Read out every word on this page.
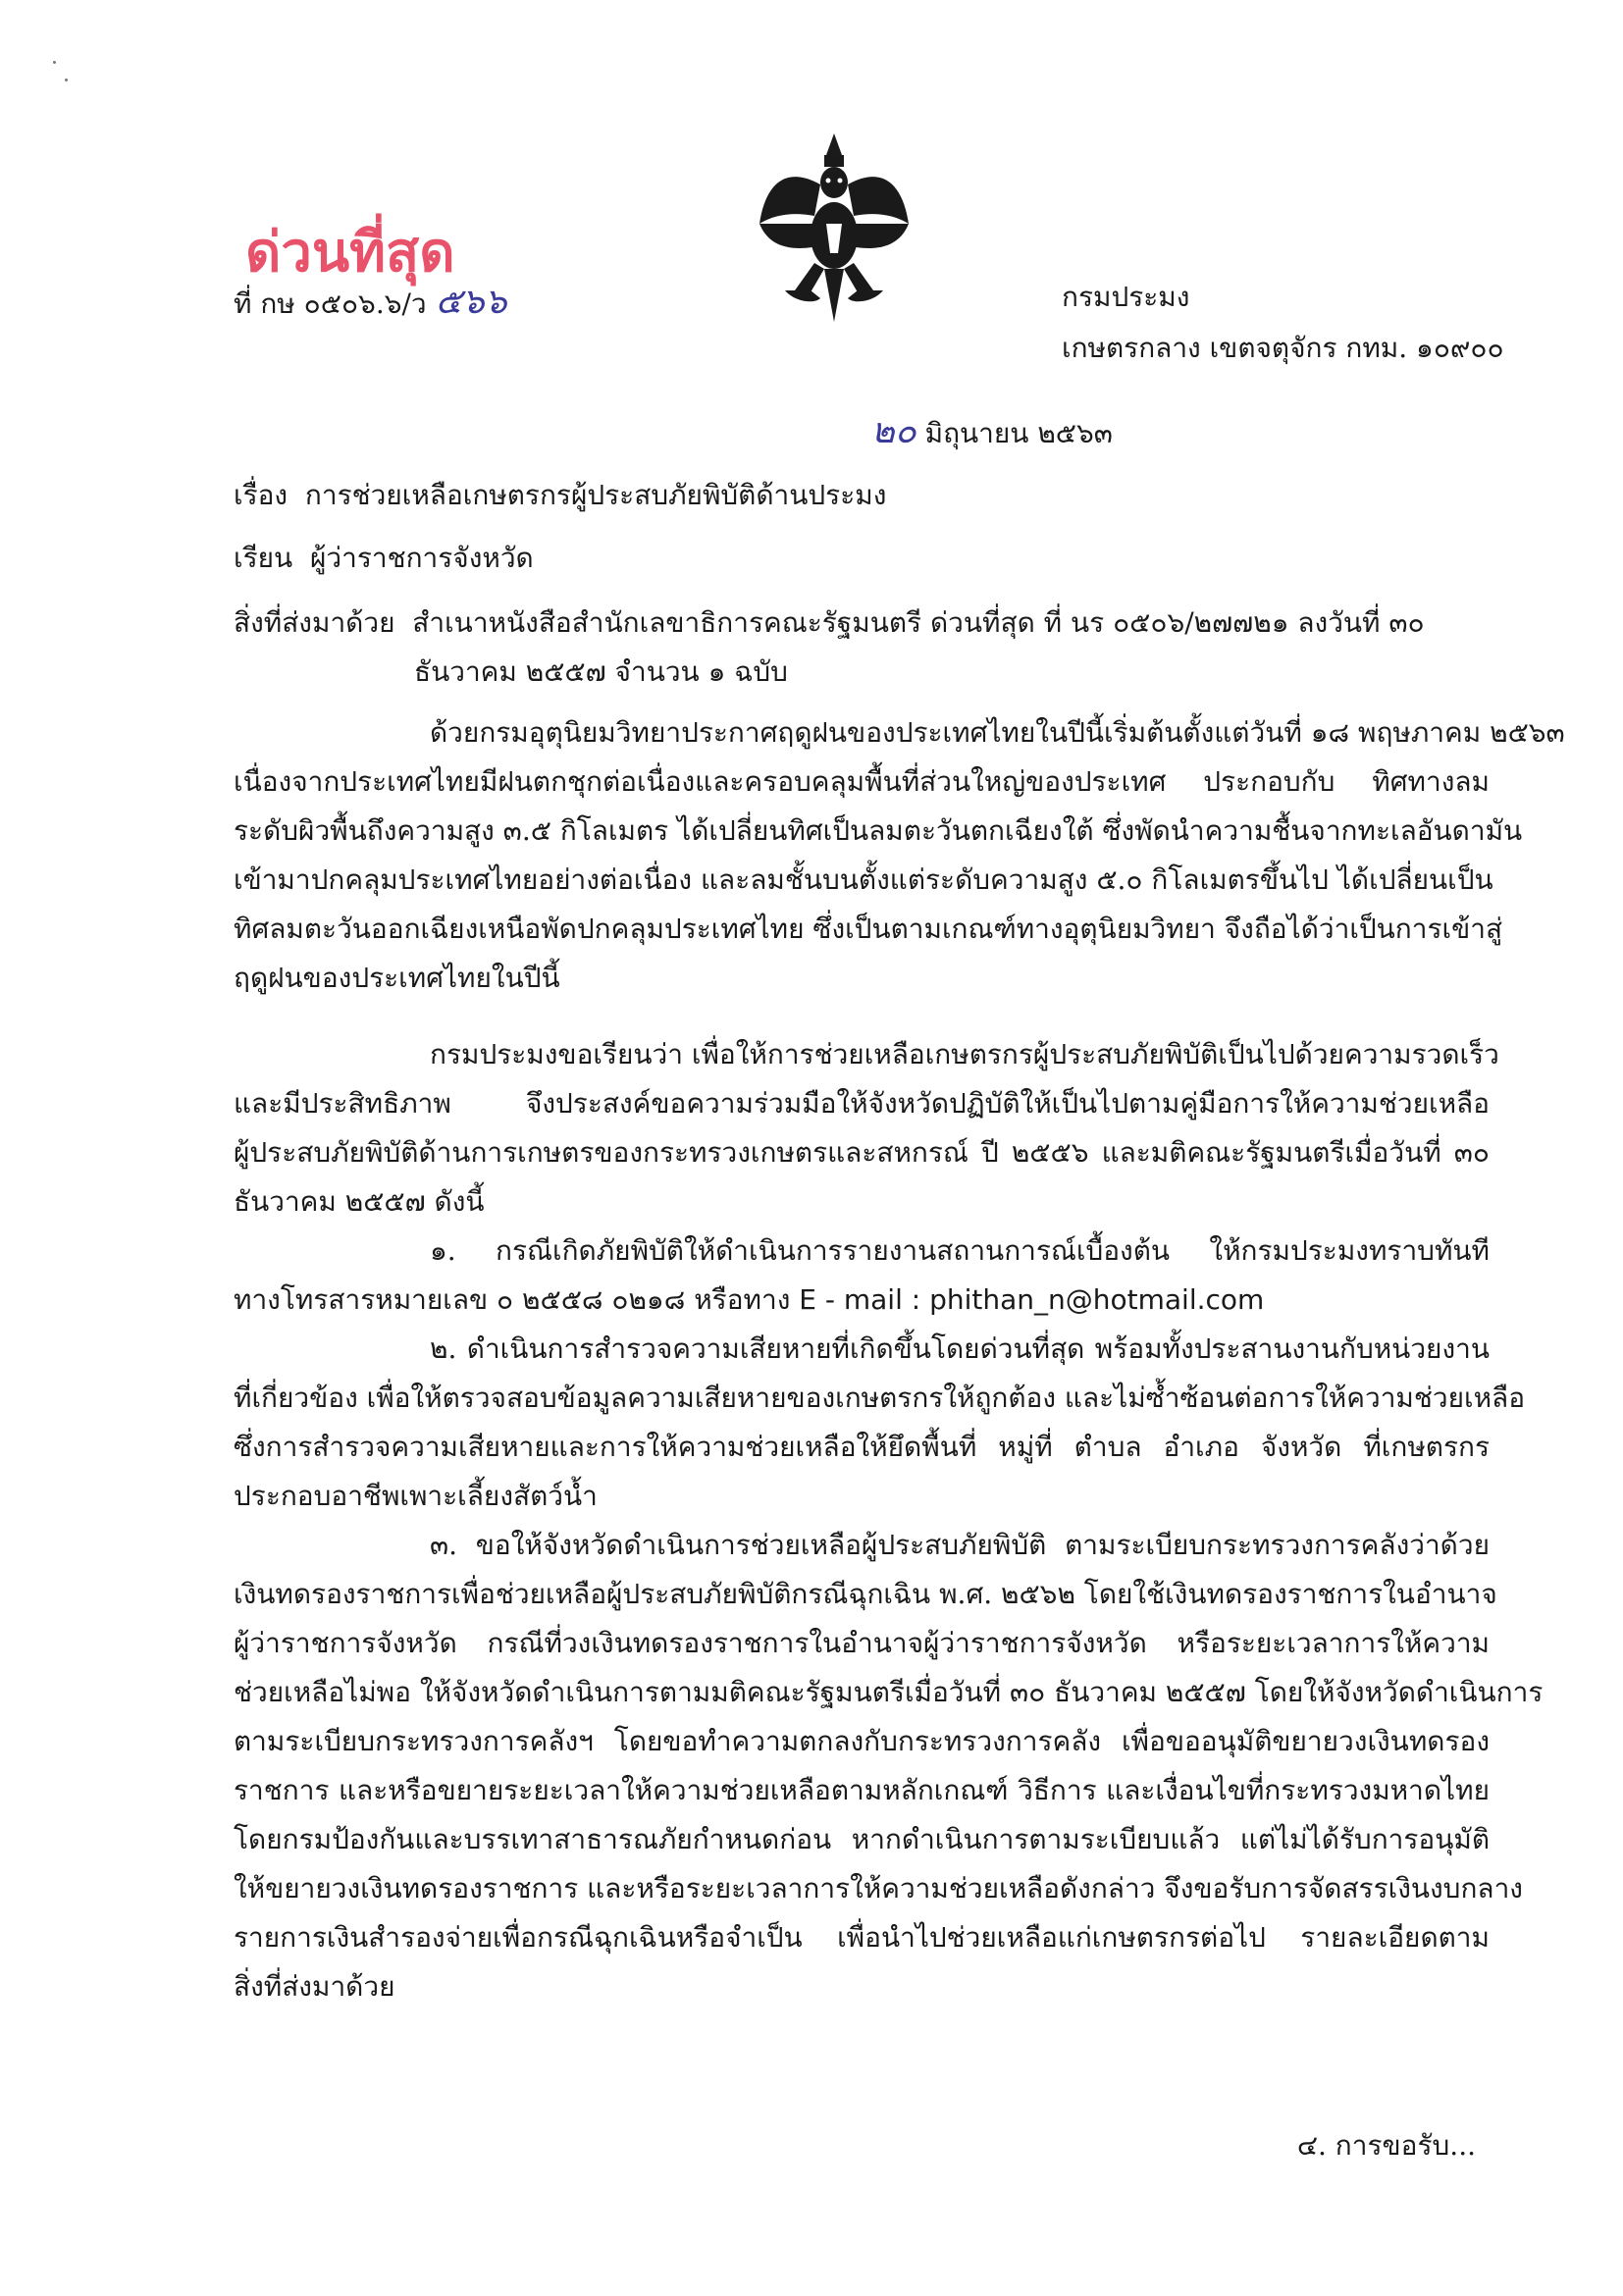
ด่วนที่สุด
ที่ กษ ๐๕๐๖.๖/ว ๕๖๖	กรมประมง
เกษตรกลาง เขตจตุจักร กทม. ๑๐๙๐๐
๒๐ มิถุนายน ๒๕๖๓
เรื่อง การช่วยเหลือเกษตรกรผู้ประสบภัยพิบัติด้านประมง
เรียน ผู้ว่าราชการจังหวัด
สิ่งที่ส่งมาด้วย สำเนาหนังสือสำนักเลขาธิการคณะรัฐมนตรี ด่วนที่สุด ที่ นร ๐๕๐๖/๒๗๗๒๑ ลงวันที่ ๓๐
ธันวาคม ๒๕๕๗ จำนวน ๑ ฉบับ
ด้วยกรมอุตุนิยมวิทยาประกาศฤดูฝนของประเทศไทยในปีนี้เริ่มต้นตั้งแต่วันที่ ๑๘ พฤษภาคม ๒๕๖๓
เนื่องจากประเทศไทยมีฝนตกชุกต่อเนื่องและครอบคลุมพื้นที่ส่วนใหญ่ของประเทศ ประกอบกับ ทิศทางลม
ระดับผิวพื้นถึงความสูง ๓.๕ กิโลเมตร ได้เปลี่ยนทิศเป็นลมตะวันตกเฉียงใต้ ซึ่งพัดนำความชื้นจากทะเลอันดามัน
เข้ามาปกคลุมประเทศไทยอย่างต่อเนื่อง และลมชั้นบนตั้งแต่ระดับความสูง ๕.๐ กิโลเมตรขึ้นไป ได้เปลี่ยนเป็น
ทิศลมตะวันออกเฉียงเหนือพัดปกคลุมประเทศไทย ซึ่งเป็นตามเกณฑ์ทางอุตุนิยมวิทยา จึงถือได้ว่าเป็นการเข้าสู่
ฤดูฝนของประเทศไทยในปีนี้
กรมประมงขอเรียนว่า เพื่อให้การช่วยเหลือเกษตรกรผู้ประสบภัยพิบัติเป็นไปด้วยความรวดเร็ว
และมีประสิทธิภาพ จึงประสงค์ขอความร่วมมือให้จังหวัดปฏิบัติให้เป็นไปตามคู่มือการให้ความช่วยเหลือ
ผู้ประสบภัยพิบัติด้านการเกษตรของกระทรวงเกษตรและสหกรณ์ ปี ๒๕๕๖ และมติคณะรัฐมนตรีเมื่อวันที่ ๓๐
ธันวาคม ๒๕๕๗ ดังนี้
๑. กรณีเกิดภัยพิบัติให้ดำเนินการรายงานสถานการณ์เบื้องต้น ให้กรมประมงทราบทันที
ทางโทรสารหมายเลข ๐ ๒๕๕๘ ๐๒๑๘ หรือทาง E - mail : phithan_n@hotmail.com
๒. ดำเนินการสำรวจความเสียหายที่เกิดขึ้นโดยด่วนที่สุด พร้อมทั้งประสานงานกับหน่วยงาน
ที่เกี่ยวข้อง เพื่อให้ตรวจสอบข้อมูลความเสียหายของเกษตรกรให้ถูกต้อง และไม่ซ้ำซ้อนต่อการให้ความช่วยเหลือ
ซึ่งการสำรวจความเสียหายและการให้ความช่วยเหลือให้ยึดพื้นที่ หมู่ที่ ตำบล อำเภอ จังหวัด ที่เกษตรกร
ประกอบอาชีพเพาะเลี้ยงสัตว์น้ำ
๓. ขอให้จังหวัดดำเนินการช่วยเหลือผู้ประสบภัยพิบัติ ตามระเบียบกระทรวงการคลังว่าด้วย
เงินทดรองราชการเพื่อช่วยเหลือผู้ประสบภัยพิบัติกรณีฉุกเฉิน พ.ศ. ๒๕๖๒ โดยใช้เงินทดรองราชการในอำนาจ
ผู้ว่าราชการจังหวัด กรณีที่วงเงินทดรองราชการในอำนาจผู้ว่าราชการจังหวัด หรือระยะเวลาการให้ความ
ช่วยเหลือไม่พอ ให้จังหวัดดำเนินการตามมติคณะรัฐมนตรีเมื่อวันที่ ๓๐ ธันวาคม ๒๕๕๗ โดยให้จังหวัดดำเนินการ
ตามระเบียบกระทรวงการคลังฯ โดยขอทำความตกลงกับกระทรวงการคลัง เพื่อขออนุมัติขยายวงเงินทดรอง
ราชการ และหรือขยายระยะเวลาให้ความช่วยเหลือตามหลักเกณฑ์ วิธีการ และเงื่อนไขที่กระทรวงมหาดไทย
โดยกรมป้องกันและบรรเทาสาธารณภัยกำหนดก่อน หากดำเนินการตามระเบียบแล้ว แต่ไม่ได้รับการอนุมัติ
ให้ขยายวงเงินทดรองราชการ และหรือระยะเวลาการให้ความช่วยเหลือดังกล่าว จึงขอรับการจัดสรรเงินงบกลาง
รายการเงินสำรองจ่ายเพื่อกรณีฉุกเฉินหรือจำเป็น เพื่อนำไปช่วยเหลือแก่เกษตรกรต่อไป รายละเอียดตาม
สิ่งที่ส่งมาด้วย
๔. การขอรับ...
